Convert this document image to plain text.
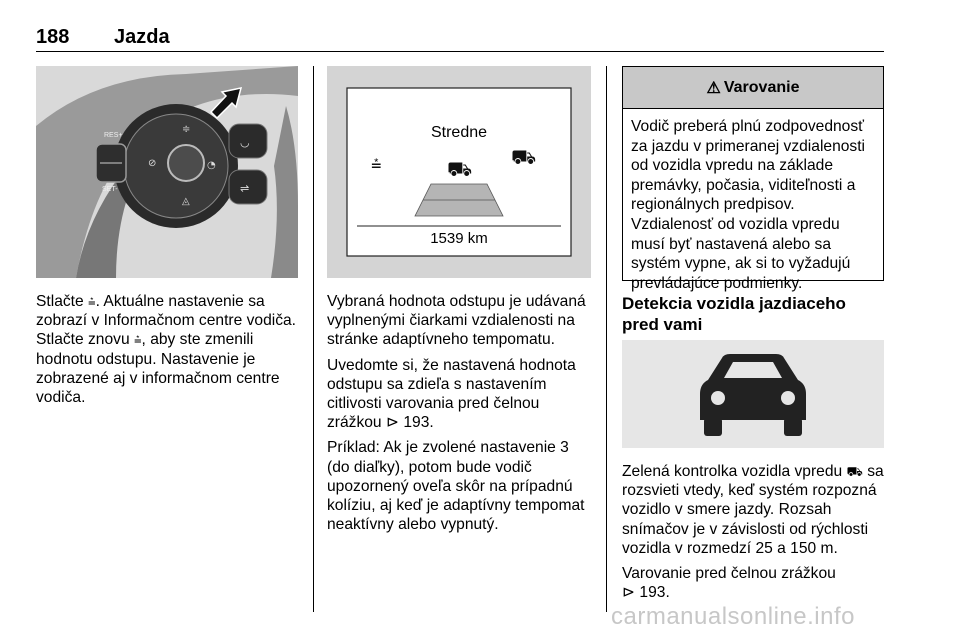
188 Jazda
RES+
SET-
◡
⇌
⊘	◔
◬
≑

Stlačte ⩮. Aktuálne nastavenie sa zobrazí v Informačnom centre vodiča. Stlačte znovu ⩮, aby ste zmenili hodnotu odstupu. Nastavenie je zobrazené aj v informačnom centre vodiča.

⩮	⛟ ⛟
Stredne
1539 km

Vybraná hodnota odstupu je udávaná vyplnenými čiarkami vzdialenosti na stránke adaptívneho tempomatu.

Uvedomte si, že nastavená hodnota odstupu sa zdieľa s nastavením citlivosti varovania pred čelnou zrážkou ⊳ 193.

Príklad: Ak je zvolené nastavenie 3 (do diaľky), potom bude vodič upozornený oveľa skôr na prípadnú kolíziu, aj keď je adaptívny tempomat neaktívny alebo vypnutý.

⚠ Varovanie
Vodič preberá plnú zodpovednosť za jazdu v primeranej vzdialenosti od vozidla vpredu na základe premávky, počasia, viditeľnosti a regionálnych predpisov. Vzdialenosť od vozidla vpredu musí byť nastavená alebo sa systém vypne, ak si to vyžadujú prevládajúce podmienky.
Detekcia vozidla jazdiaceho pred vami

Zelená kontrolka vozidla vpredu ⛟ sa rozsvieti vtedy, keď systém rozpozná vozidlo v smere jazdy. Rozsah snímačov je v závislosti od rýchlosti vozidla v rozmedzí 25 a 150 m.

Varovanie pred čelnou zrážkou
⊳ 193.

carmanualsonline.info
